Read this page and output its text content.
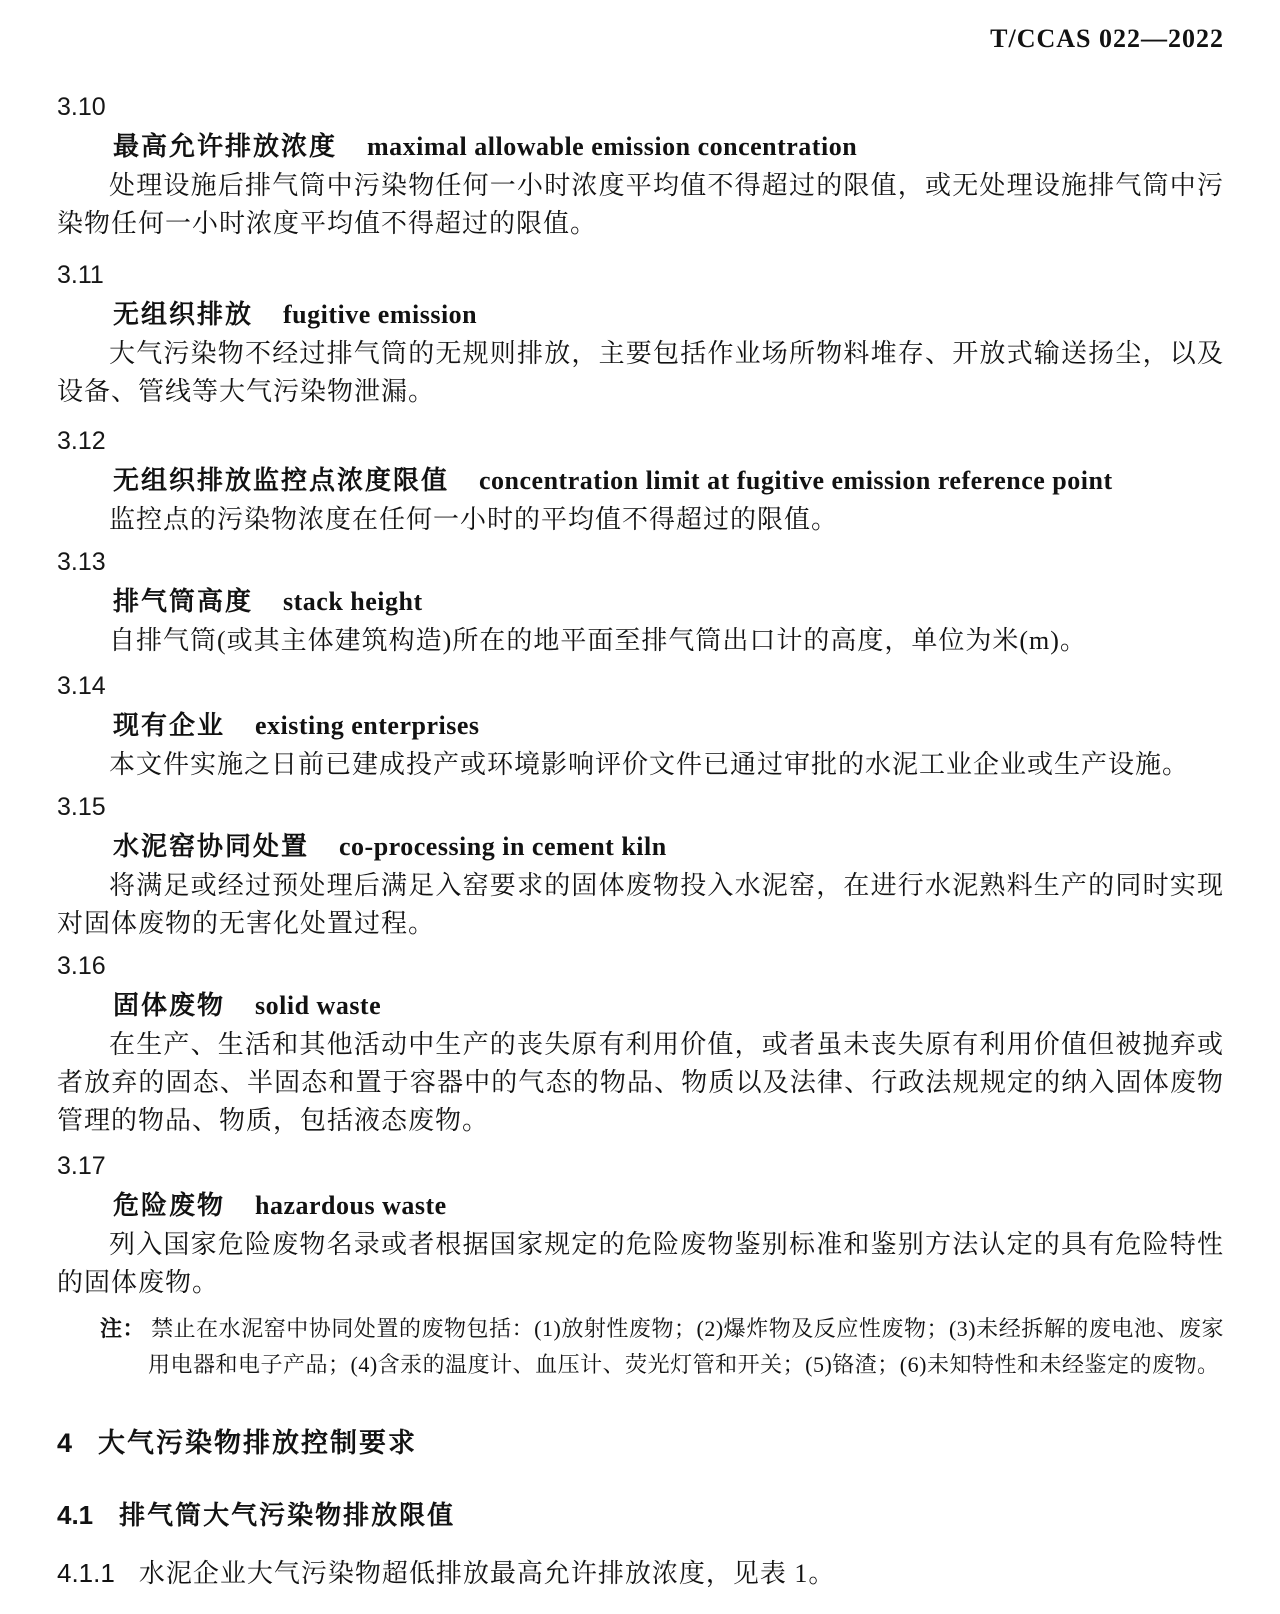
T/CCAS 022—2022
3.10
最高允许排放浓度 maximal allowable emission concentration

处理设施后排气筒中污染物任何一小时浓度平均值不得超过的限值，或无处理设施排气筒中污染物任何一小时浓度平均值不得超过的限值。

3.11
无组织排放 fugitive emission

大气污染物不经过排气筒的无规则排放，主要包括作业场所物料堆存、开放式输送扬尘，以及设备、管线等大气污染物泄漏。

3.12
无组织排放监控点浓度限值 concentration limit at fugitive emission reference point

监控点的污染物浓度在任何一小时的平均值不得超过的限值。

3.13
排气筒高度 stack height

自排气筒(或其主体建筑构造)所在的地平面至排气筒出口计的高度，单位为米(m)。

3.14
现有企业 existing enterprises

本文件实施之日前已建成投产或环境影响评价文件已通过审批的水泥工业企业或生产设施。

3.15
水泥窑协同处置 co-processing in cement kiln

将满足或经过预处理后满足入窑要求的固体废物投入水泥窑，在进行水泥熟料生产的同时实现对固体废物的无害化处置过程。

3.16
固体废物 solid waste

在生产、生活和其他活动中生产的丧失原有利用价值，或者虽未丧失原有利用价值但被抛弃或者放弃的固态、半固态和置于容器中的气态的物品、物质以及法律、行政法规规定的纳入固体废物管理的物品、物质，包括液态废物。

3.17
危险废物 hazardous waste

列入国家危险废物名录或者根据国家规定的危险废物鉴别标准和鉴别方法认定的具有危险特性的固体废物。

注： 禁止在水泥窑中协同处置的废物包括：(1)放射性废物；(2)爆炸物及反应性废物；(3)未经拆解的废电池、废家用电器和电子产品；(4)含汞的温度计、血压计、荧光灯管和开关；(5)铬渣；(6)未知特性和未经鉴定的废物。
4 大气污染物排放控制要求
4.1 排气筒大气污染物排放限值
4.1.1 水泥企业大气污染物超低排放最高允许排放浓度，见表 1。
